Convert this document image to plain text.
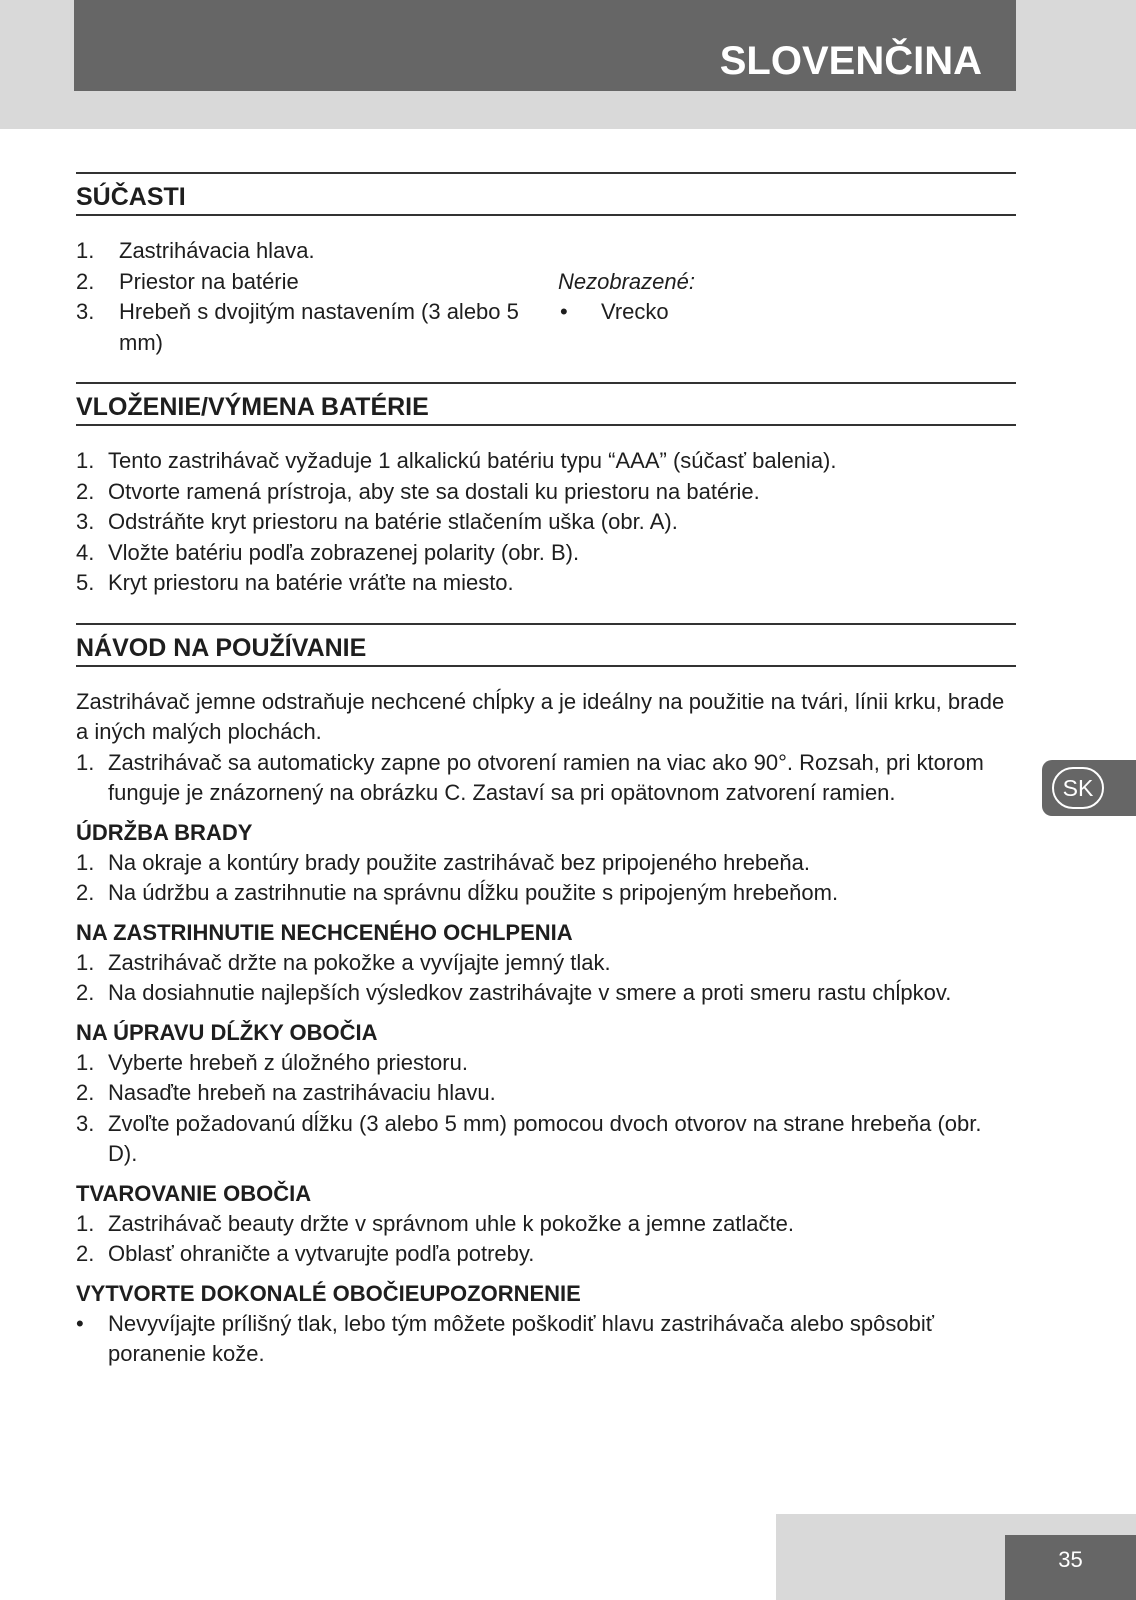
SLOVENČINA
SÚČASTI
1. Zastrihávacia hlava.
2. Priestor na batérie
3. Hrebeň s dvojitým nastavením (3 alebo 5 mm)
Nezobrazené:
• Vrecko
VLOŽENIE/VÝMENA BATÉRIE
1. Tento zastrihávač vyžaduje 1 alkalickú batériu typu “AAA” (súčasť balenia).
2. Otvorte ramená prístroja, aby ste sa dostali ku priestoru na batérie.
3. Odstráňte kryt priestoru na batérie stlačením uška (obr. A).
4. Vložte batériu podľa zobrazenej polarity (obr. B).
5. Kryt priestoru na batérie vráťte na miesto.
NÁVOD NA POUŽÍVANIE

Zastrihávač jemne odstraňuje nechcené chĺpky a je ideálny na použitie na tvári, línii krku, brade a iných malých plochách.

1. Zastrihávač sa automaticky zapne po otvorení ramien na viac ako 90°. Rozsah, pri ktorom funguje je znázornený na obrázku C. Zastaví sa pri opätovnom zatvorení ramien.
ÚDRŽBA BRADY
1. Na okraje a kontúry brady použite zastrihávač bez pripojeného hrebeňa.
2. Na údržbu a zastrihnutie na správnu dĺžku použite s pripojeným hrebeňom.
NA ZASTRIHNUTIE NECHCENÉHO OCHLPENIA
1. Zastrihávač držte na pokožke a vyvíjajte jemný tlak.
2. Na dosiahnutie najlepších výsledkov zastrihávajte v smere a proti smeru rastu chĺpkov.
NA ÚPRAVU DĹŽKY OBOČIA
1. Vyberte hrebeň z úložného priestoru.
2. Nasaďte hrebeň na zastrihávaciu hlavu.
3. Zvoľte požadovanú dĺžku (3 alebo 5 mm) pomocou dvoch otvorov na strane hrebeňa (obr. D).
TVAROVANIE OBOČIA
1. Zastrihávač beauty držte v správnom uhle k pokožke a jemne zatlačte.
2. Oblasť ohraničte a vytvarujte podľa potreby.
VYTVORTE DOKONALÉ OBOČIEUPOZORNENIE
• Nevyvíjajte prílišný tlak, lebo tým môžete poškodiť hlavu zastrihávača alebo spôsobiť poranenie kože.
SK
35
